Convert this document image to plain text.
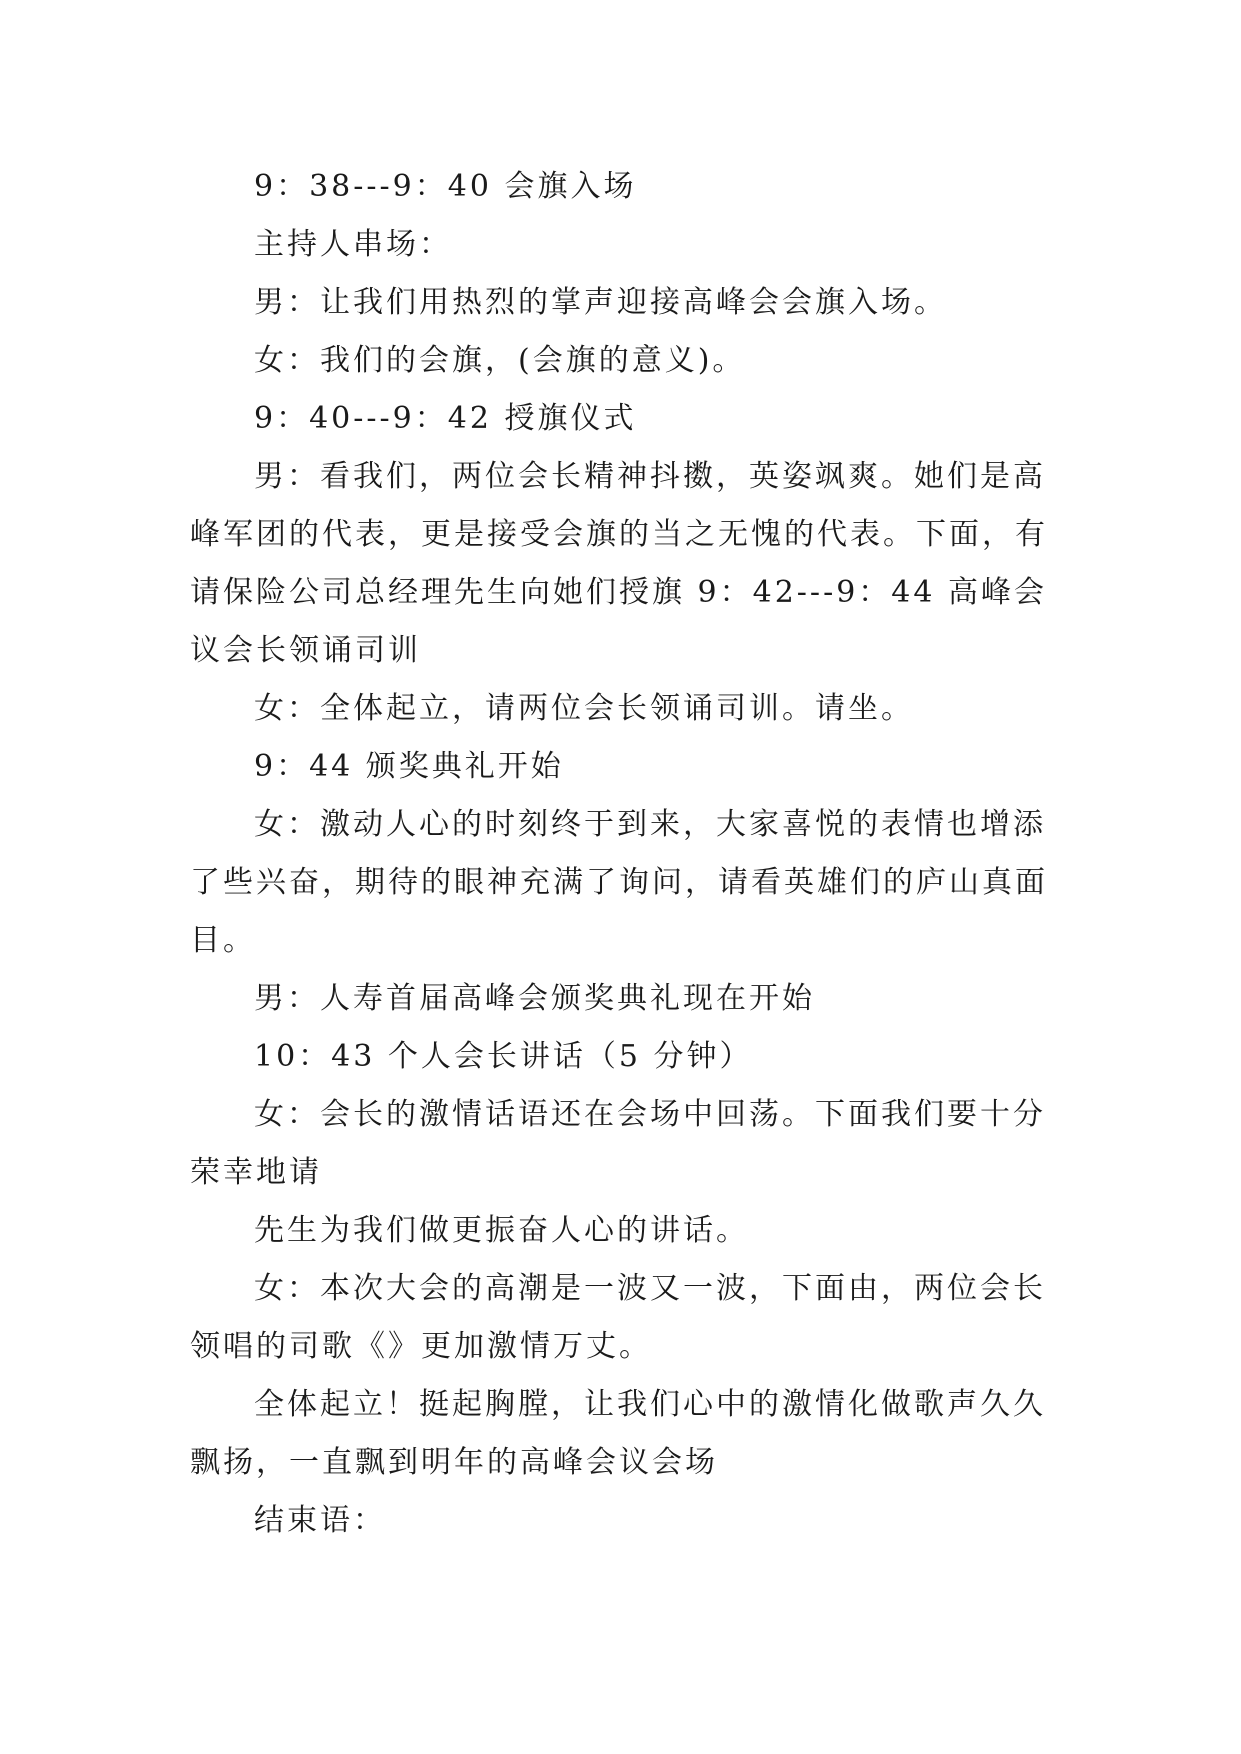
9：38---9：40 会旗入场

主持人串场：

男：让我们用热烈的掌声迎接高峰会会旗入场。

女：我们的会旗，(会旗的意义)。

9：40---9：42 授旗仪式

男：看我们，两位会长精神抖擞，英姿飒爽。她们是高峰军团的代表，更是接受会旗的当之无愧的代表。下面，有请保险公司总经理先生向她们授旗 9：42---9：44 高峰会议会长领诵司训

女：全体起立，请两位会长领诵司训。请坐。

9：44 颁奖典礼开始

女：激动人心的时刻终于到来，大家喜悦的表情也增添了些兴奋，期待的眼神充满了询问，请看英雄们的庐山真面目。

男：人寿首届高峰会颁奖典礼现在开始

10：43 个人会长讲话（5 分钟）

女：会长的激情话语还在会场中回荡。下面我们要十分荣幸地请

先生为我们做更振奋人心的讲话。

女：本次大会的高潮是一波又一波，下面由，两位会长领唱的司歌《》更加激情万丈。

全体起立！挺起胸膛，让我们心中的激情化做歌声久久飘扬，一直飘到明年的高峰会议会场

结束语：
